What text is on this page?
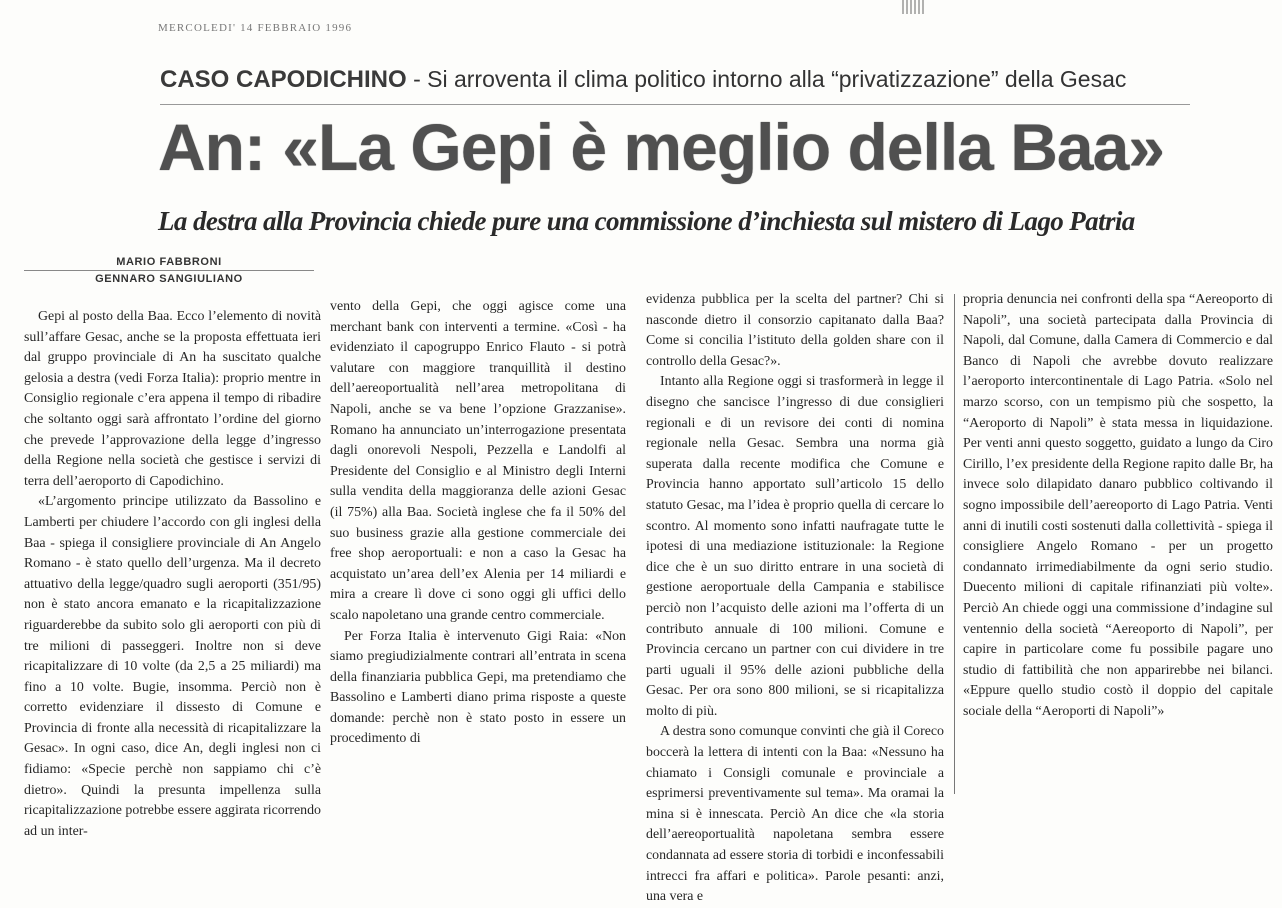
MERCOLEDI' 14 FEBBRAIO 1996
CASO CAPODICHINO - Si arroventa il clima politico intorno alla “privatizzazione” della Gesac
An: «La Gepi è meglio della Baa»
La destra alla Provincia chiede pure una commissione d’inchiesta sul mistero di Lago Patria
MARIO FABBRONI
GENNARO SANGIULIANO

Gepi al posto della Baa. Ecco l’elemento di novità sull’affare Gesac, anche se la proposta effettuata ieri dal gruppo provinciale di An ha suscitato qualche gelosia a destra (vedi Forza Italia): proprio mentre in Consiglio regionale c’era appena il tempo di ribadire che soltanto oggi sarà affrontato l’ordine del giorno che prevede l’approvazione della legge d’ingresso della Regione nella società che gestisce i servizi di terra dell’aeroporto di Capodichino.

«L’argomento principe utilizzato da Bassolino e Lamberti per chiudere l’accordo con gli inglesi della Baa - spiega il consigliere provinciale di An Angelo Romano - è stato quello dell’urgenza. Ma il decreto attuativo della legge/quadro sugli aeroporti (351/95) non è stato ancora emanato e la ricapitalizzazione riguarderebbe da subito solo gli aeroporti con più di tre milioni di passeggeri. Inoltre non si deve ricapitalizzare di 10 volte (da 2,5 a 25 miliardi) ma fino a 10 volte. Bugie, insomma. Perciò non è corretto evidenziare il dissesto di Comune e Provincia di fronte alla necessità di ricapitalizzare la Gesac». In ogni caso, dice An, degli inglesi non ci fidiamo: «Specie perchè non sappiamo chi c’è dietro». Quindi la presunta impellenza sulla ricapitalizzazione potrebbe essere aggirata ricorrendo ad un inter-

vento della Gepi, che oggi agisce come una merchant bank con interventi a termine. «Così - ha evidenziato il capogruppo Enrico Flauto - si potrà valutare con maggiore tranquillità il destino dell’aereoportualità nell’area metropolitana di Napoli, anche se va bene l’opzione Grazzanise». Romano ha annunciato un’interrogazione presentata dagli onorevoli Nespoli, Pezzella e Landolfi al Presidente del Consiglio e al Ministro degli Interni sulla vendita della maggioranza delle azioni Gesac (il 75%) alla Baa. Società inglese che fa il 50% del suo business grazie alla gestione commerciale dei free shop aeroportuali: e non a caso la Gesac ha acquistato un’area dell’ex Alenia per 14 miliardi e mira a creare lì dove ci sono oggi gli uffici dello scalo napoletano una grande centro commerciale.

Per Forza Italia è intervenuto Gigi Raia: «Non siamo pregiudizialmente contrari all’entrata in scena della finanziaria pubblica Gepi, ma pretendiamo che Bassolino e Lamberti diano prima risposte a queste domande: perchè non è stato posto in essere un procedimento di

evidenza pubblica per la scelta del partner? Chi si nasconde dietro il consorzio capitanato dalla Baa? Come si concilia l’istituto della golden share con il controllo della Gesac?».

Intanto alla Regione oggi si trasformerà in legge il disegno che sancisce l’ingresso di due consiglieri regionali e di un revisore dei conti di nomina regionale nella Gesac. Sembra una norma già superata dalla recente modifica che Comune e Provincia hanno apportato sull’articolo 15 dello statuto Gesac, ma l’idea è proprio quella di cercare lo scontro. Al momento sono infatti naufragate tutte le ipotesi di una mediazione istituzionale: la Regione dice che è un suo diritto entrare in una società di gestione aeroportuale della Campania e stabilisce perciò non l’acquisto delle azioni ma l’offerta di un contributo annuale di 100 milioni. Comune e Provincia cercano un partner con cui dividere in tre parti uguali il 95% delle azioni pubbliche della Gesac. Per ora sono 800 milioni, se si ricapitalizza molto di più.

A destra sono comunque convinti che già il Coreco boccerà la lettera di intenti con la Baa: «Nessuno ha chiamato i Consigli comunale e provinciale a esprimersi preventivamente sul tema». Ma oramai la mina si è innescata. Perciò An dice che «la storia dell’aereoportualità napoletana sembra essere condannata ad essere storia di torbidi e inconfessabili intrecci fra affari e politica». Parole pesanti: anzi, una vera e

propria denuncia nei confronti della spa “Aereoporto di Napoli”, una società partecipata dalla Provincia di Napoli, dal Comune, dalla Camera di Commercio e dal Banco di Napoli che avrebbe dovuto realizzare l’aeroporto intercontinentale di Lago Patria. «Solo nel marzo scorso, con un tempismo più che sospetto, la “Aeroporto di Napoli” è stata messa in liquidazione. Per venti anni questo soggetto, guidato a lungo da Ciro Cirillo, l’ex presidente della Regione rapito dalle Br, ha invece solo dilapidato danaro pubblico coltivando il sogno impossibile dell’aereoporto di Lago Patria. Venti anni di inutili costi sostenuti dalla collettività - spiega il consigliere Angelo Romano - per un progetto condannato irrimediabilmente da ogni serio studio. Duecento milioni di capitale rifinanziati più volte». Perciò An chiede oggi una commissione d’indagine sul ventennio della società “Aereoporto di Napoli”, per capire in particolare come fu possibile pagare uno studio di fattibilità che non apparirebbe nei bilanci. «Eppure quello studio costò il doppio del capitale sociale della “Aeroporti di Napoli”»
